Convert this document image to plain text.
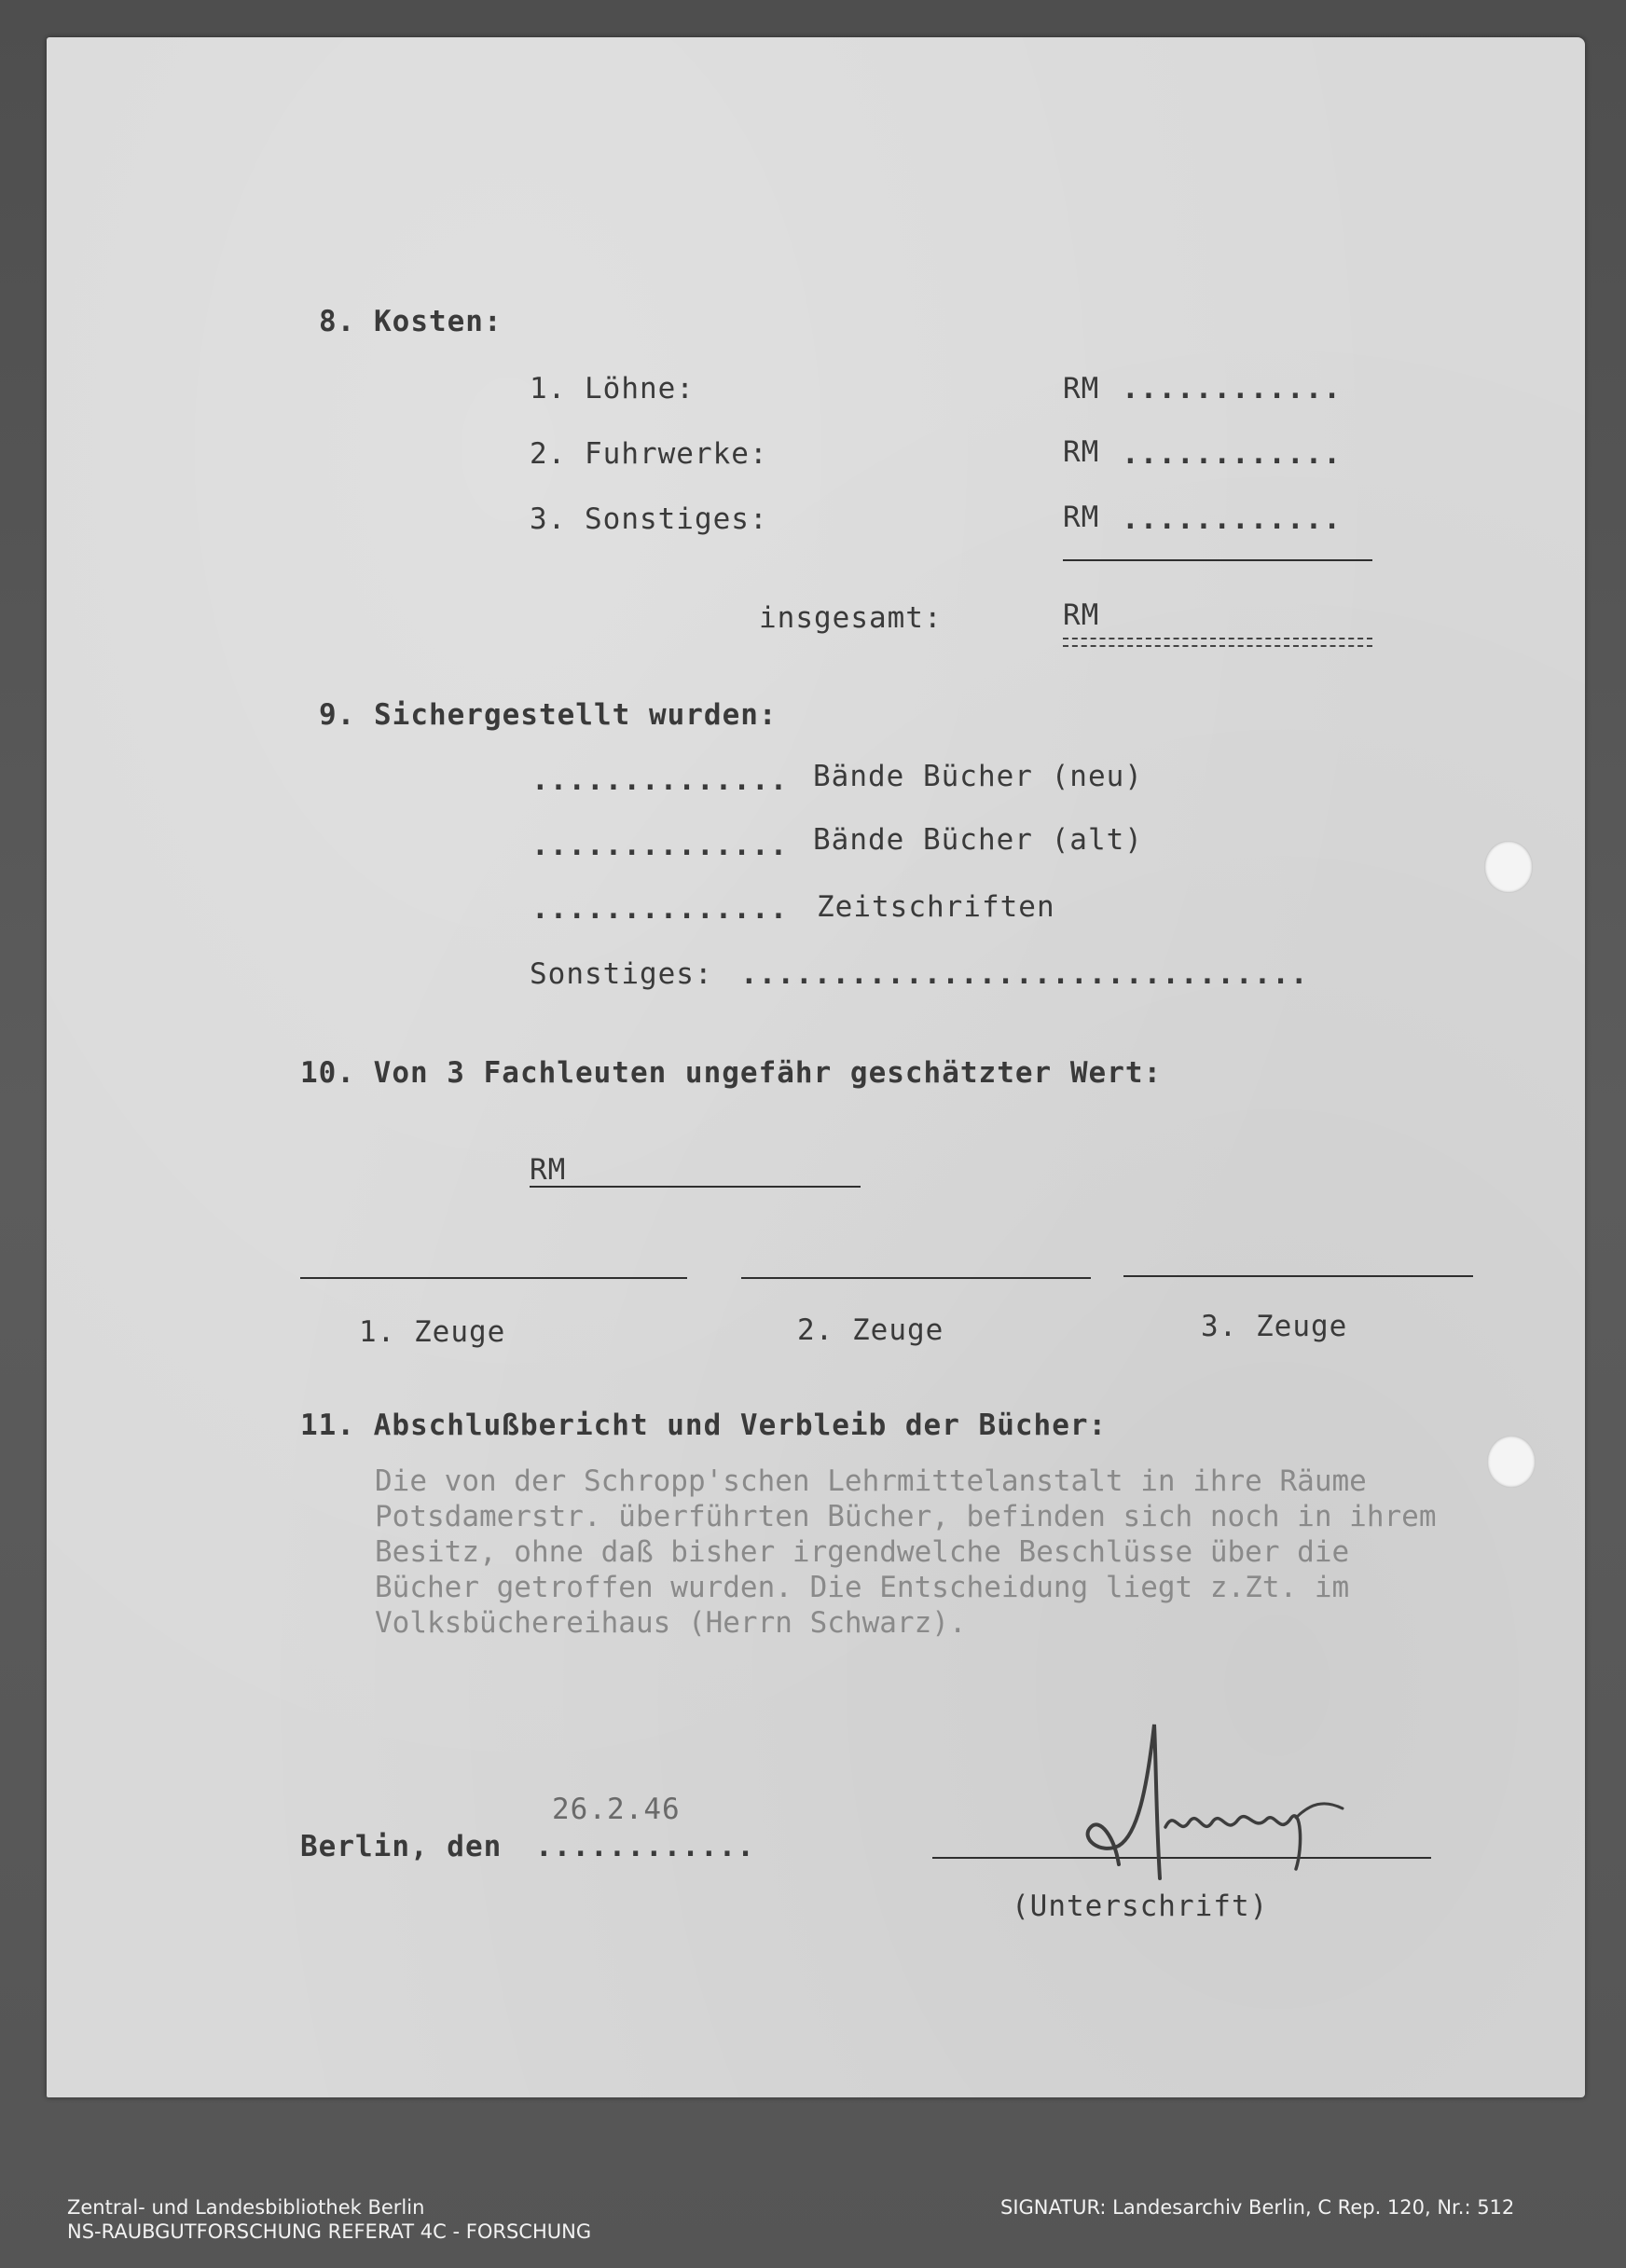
8. Kosten:
1. Löhne:	RM ............
2. Fuhrwerke:	RM ............
3. Sonstiges:	RM ............
insgesamt:	RM
9. Sichergestellt wurden:
.............. Bände Bücher (neu)
.............. Bände Bücher (alt)
.............. Zeitschriften
Sonstiges: ...............................
10. Von 3 Fachleuten ungefähr geschätzter Wert:
RM
1. Zeuge	2. Zeuge	3. Zeuge
11. Abschlußbericht und Verbleib der Bücher:
Die von der Schropp'schen Lehrmittelanstalt in ihre Räume
Potsdamerstr. überführten Bücher, befinden sich noch in ihrem
Besitz, ohne daß bisher irgendwelche Beschlüsse über die
Bücher getroffen wurden. Die Entscheidung liegt z.Zt. im
Volksbüchereihaus (Herrn Schwarz).
26.2.46
Berlin, den ............
(Unterschrift)
Zentral- und Landesbibliothek Berlin
NS-RAUBGUTFORSCHUNG REFERAT 4C - FORSCHUNG
SIGNATUR: Landesarchiv Berlin, C Rep. 120, Nr.: 512
